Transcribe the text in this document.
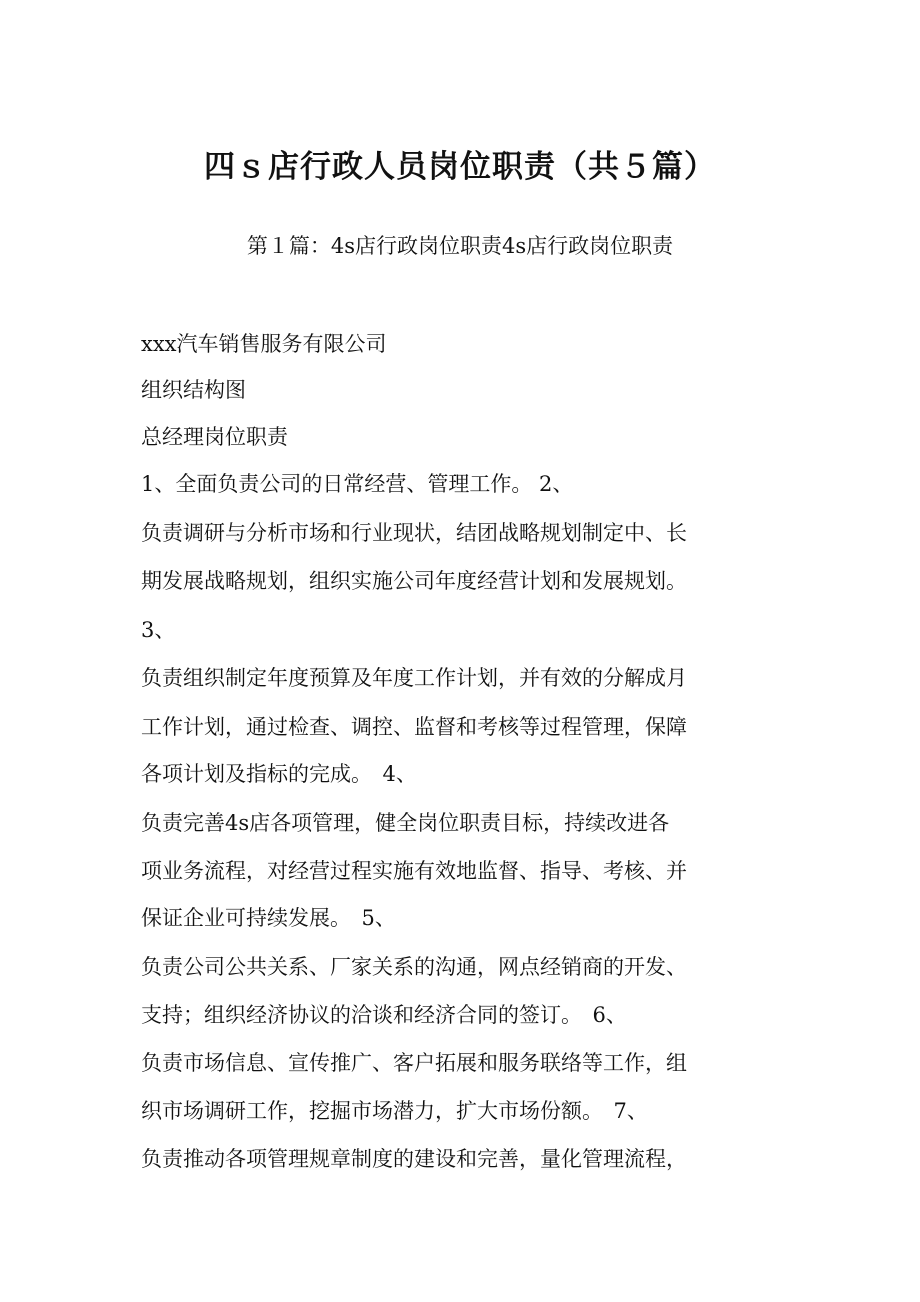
四ｓ店行政人员岗位职责（共５篇）

第１篇：4s店行政岗位职责4s店行政岗位职责

xxx汽车销售服务有限公司

组织结构图

总经理岗位职责

1、全面负责公司的日常经营、管理工作。 2、

负责调研与分析市场和行业现状，结团战略规划制定中、长

期发展战略规划，组织实施公司年度经营计划和发展规划。

3、

负责组织制定年度预算及年度工作计划，并有效的分解成月

工作计划，通过检查、调控、监督和考核等过程管理，保障

各项计划及指标的完成。　4、

负责完善4s店各项管理，健全岗位职责目标，持续改进各

项业务流程，对经营过程实施有效地监督、指导、考核、并

保证企业可持续发展。　5、

负责公司公共关系、厂家关系的沟通，网点经销商的开发、

支持；组织经济协议的洽谈和经济合同的签订。　6、

负责市场信息、宣传推广、客户拓展和服务联络等工作，组

织市场调研工作，挖掘市场潜力，扩大市场份额。　7、

负责推动各项管理规章制度的建设和完善，量化管理流程，
